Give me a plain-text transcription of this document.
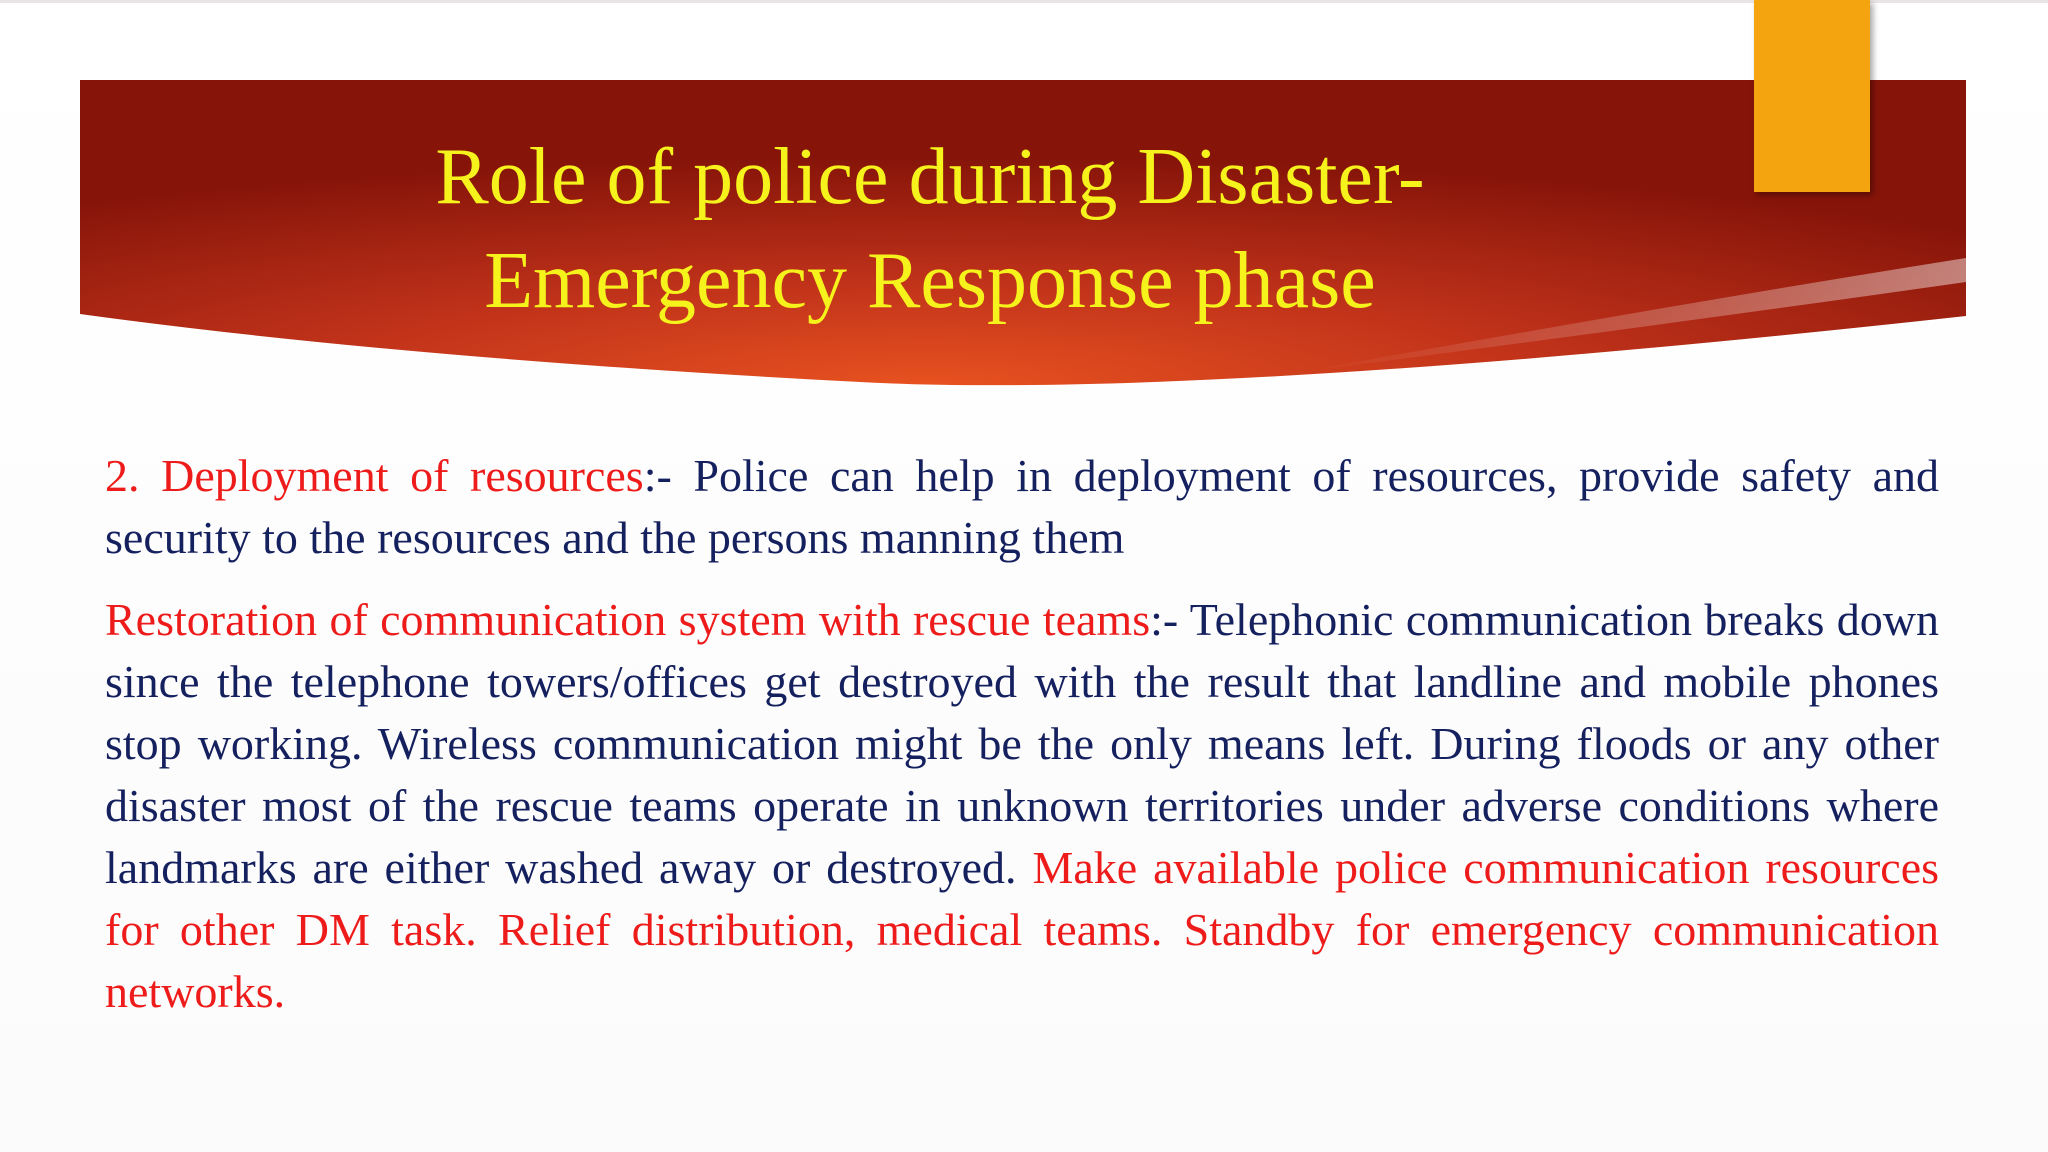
Role of police during Disaster-
Emergency Response phase

2. Deployment of resources:- Police can help in deployment of resources, provide safety and security to the resources and the persons manning them

Restoration of communication system with rescue teams:- Telephonic communication breaks down since the telephone towers/offices get destroyed with the result that landline and mobile phones stop working. Wireless communication might be the only means left. During floods or any other disaster most of the rescue teams operate in unknown territories under adverse conditions where landmarks are either washed away or destroyed. Make available police communication resources for other DM task. Relief distribution, medical teams. Standby for emergency communication networks.
